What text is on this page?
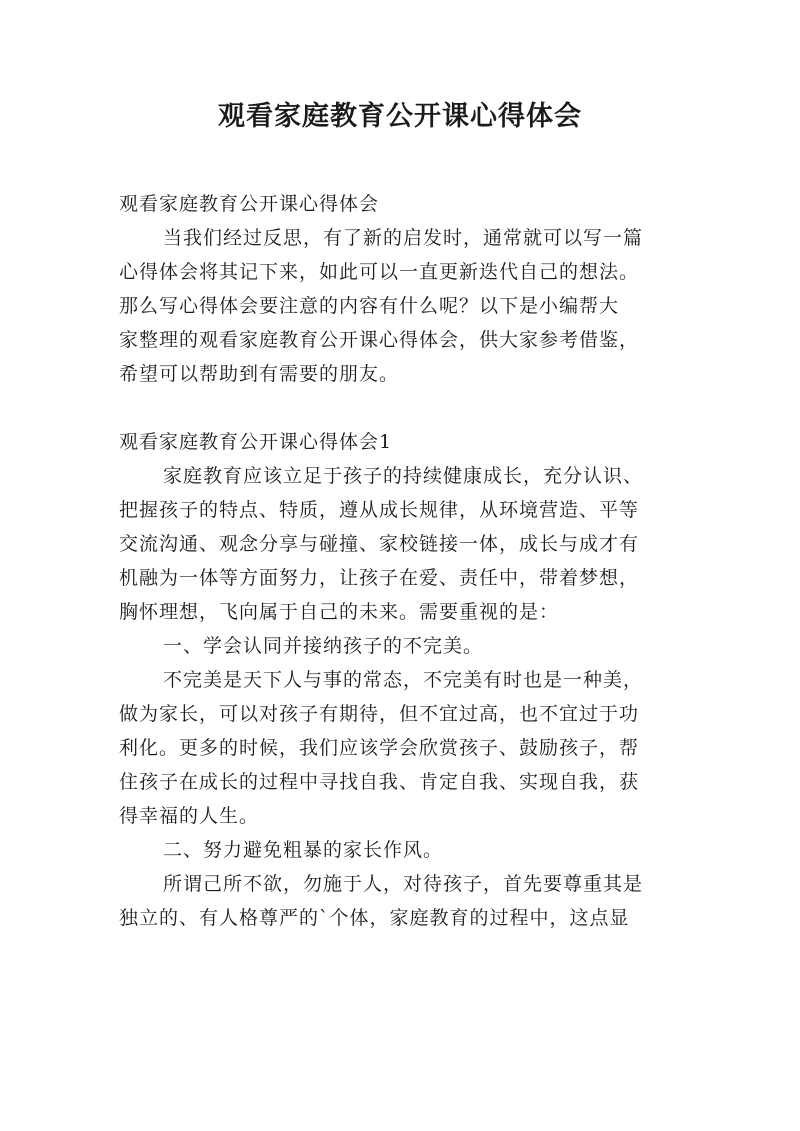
观看家庭教育公开课心得体会
观看家庭教育公开课心得体会
当我们经过反思，有了新的启发时，通常就可以写一篇
心得体会将其记下来，如此可以一直更新迭代自己的想法。
那么写心得体会要注意的内容有什么呢？以下是小编帮大
家整理的观看家庭教育公开课心得体会，供大家参考借鉴，
希望可以帮助到有需要的朋友。
观看家庭教育公开课心得体会1
家庭教育应该立足于孩子的持续健康成长，充分认识、
把握孩子的特点、特质，遵从成长规律，从环境营造、平等
交流沟通、观念分享与碰撞、家校链接一体，成长与成才有
机融为一体等方面努力，让孩子在爱、责任中，带着梦想，
胸怀理想，飞向属于自己的未来。需要重视的是：
一、学会认同并接纳孩子的不完美。
不完美是天下人与事的常态，不完美有时也是一种美，
做为家长，可以对孩子有期待，但不宜过高，也不宜过于功
利化。更多的时候，我们应该学会欣赏孩子、鼓励孩子，帮
住孩子在成长的过程中寻找自我、肯定自我、实现自我，获
得幸福的人生。
二、努力避免粗暴的家长作风。
所谓己所不欲，勿施于人，对待孩子，首先要尊重其是
独立的、有人格尊严的`个体，家庭教育的过程中，这点显
